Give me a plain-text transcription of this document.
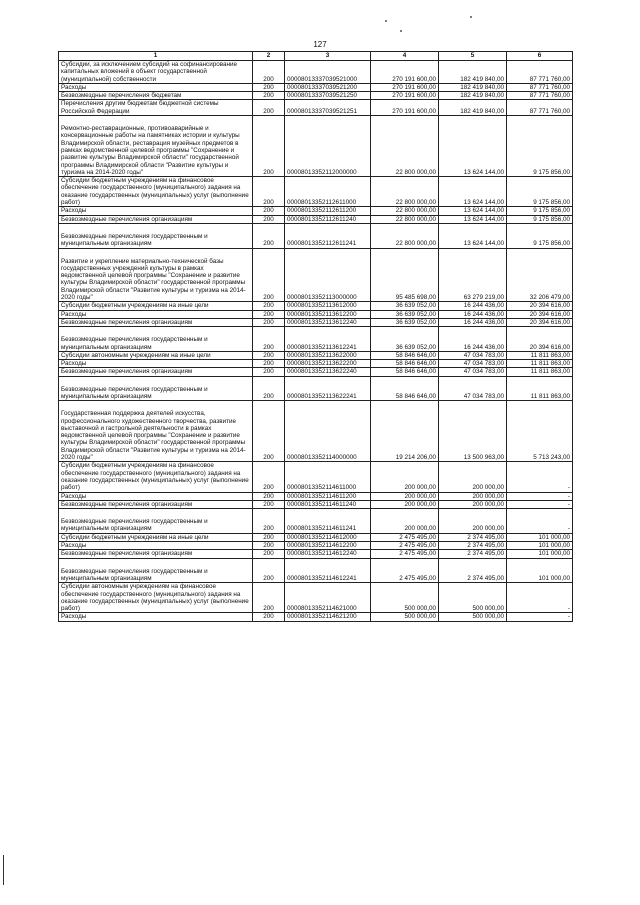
127
1	2	3	4	5	6
Субсидии, за исключением субсидий на софинансирование капитальных вложений в объект государственной (муниципальной) собственности	200	00008013337039521000	270 191 600,00	182 419 840,00	87 771 760,00
Расходы	200	00008013337039521200	270 191 600,00	182 419 840,00	87 771 760,00
Безвозмездные перечисления бюджетам	200	00008013337039521250	270 191 600,00	182 419 840,00	87 771 760,00
Перечисления другим бюджетам бюджетной системы Российской Федерации	200	00008013337039521251	270 191 600,00	182 419 840,00	87 771 760,00
Ремонтно-реставрационные, противоаварийные и консервационные работы на памятниках истории и культуры Владимирской области, реставрация музейных предметов в рамках ведомственной целевой программы "Сохранение и развитие культуры Владимирской области" государственной программы Владимирской области "Развитие культуры и туризма на 2014-2020 годы"	200	00008013352112000000	22 800 000,00	13 624 144,00	9 175 856,00
Субсидии бюджетным учреждениям на финансовое обеспечение государственного (муниципального) задания на оказание государственных (муниципальных) услуг (выполнение работ)	200	00008013352112611000	22 800 000,00	13 624 144,00	9 175 856,00
Расходы	200	00008013352112611200	22 800 000,00	13 624 144,00	9 175 856,00
Безвозмездные перечисления организациям	200	00008013352112611240	22 800 000,00	13 624 144,00	9 175 856,00
Безвозмездные перечисления государственным и муниципальным организациям	200	00008013352112611241	22 800 000,00	13 624 144,00	9 175 856,00
Развитие и укрепление материально-технической базы государственных учреждений культуры в рамках ведомственной целевой программы "Сохранение и развитие культуры Владимирской области" государственной программы Владимирской области "Развитие культуры и туризма на 2014-2020 годы"	200	00008013352113000000	95 485 698,00	63 279 219,00	32 206 479,00
Субсидии бюджетным учреждениям на иные цели	200	00008013352113612000	36 639 052,00	16 244 436,00	20 394 616,00
Расходы	200	00008013352113612200	36 639 052,00	16 244 436,00	20 394 616,00
Безвозмездные перечисления организациям	200	00008013352113612240	36 639 052,00	16 244 436,00	20 394 616,00
Безвозмездные перечисления государственным и муниципальным организациям	200	00008013352113612241	36 639 052,00	16 244 436,00	20 394 616,00
Субсидии автономным учреждениям на иные цели	200	00008013352113622000	58 846 646,00	47 034 783,00	11 811 863,00
Расходы	200	00008013352113622200	58 846 646,00	47 034 783,00	11 811 863,00
Безвозмездные перечисления организациям	200	00008013352113622240	58 846 646,00	47 034 783,00	11 811 863,00
Безвозмездные перечисления государственным и муниципальным организациям	200	00008013352113622241	58 846 646,00	47 034 783,00	11 811 863,00
Государственная поддержка деятелей искусства, профессионального художественного творчества, развитие выставочной и гастрольной деятельности в рамках ведомственной целевой программы "Сохранение и развитие культуры Владимирской области" государственной программы Владимирской области "Развитие культуры и туризма на 2014-2020 годы"	200	00008013352114000000	19 214 206,00	13 500 963,00	5 713 243,00
Субсидии бюджетным учреждениям на финансовое обеспечение государственного (муниципального) задания на оказание государственных (муниципальных) услуг (выполнение работ)	200	00008013352114611000	200 000,00	200 000,00	-
Расходы	200	00008013352114611200	200 000,00	200 000,00	-
Безвозмездные перечисления организациям	200	00008013352114611240	200 000,00	200 000,00	-
Безвозмездные перечисления государственным и муниципальным организациям	200	00008013352114611241	200 000,00	200 000,00	-
Субсидии бюджетным учреждениям на иные цели	200	00008013352114612000	2 475 495,00	2 374 495,00	101 000,00
Расходы	200	00008013352114612200	2 475 495,00	2 374 495,00	101 000,00
Безвозмездные перечисления организациям	200	00008013352114612240	2 475 495,00	2 374 495,00	101 000,00
Безвозмездные перечисления государственным и муниципальным организациям	200	00008013352114612241	2 475 495,00	2 374 495,00	101 000,00
Субсидии автономным учреждениям на финансовое обеспечение государственного (муниципального) задания на оказание государственных (муниципальных) услуг (выполнение работ)	200	00008013352114621000	500 000,00	500 000,00	-
Расходы	200	00008013352114621200	500 000,00	500 000,00	-
